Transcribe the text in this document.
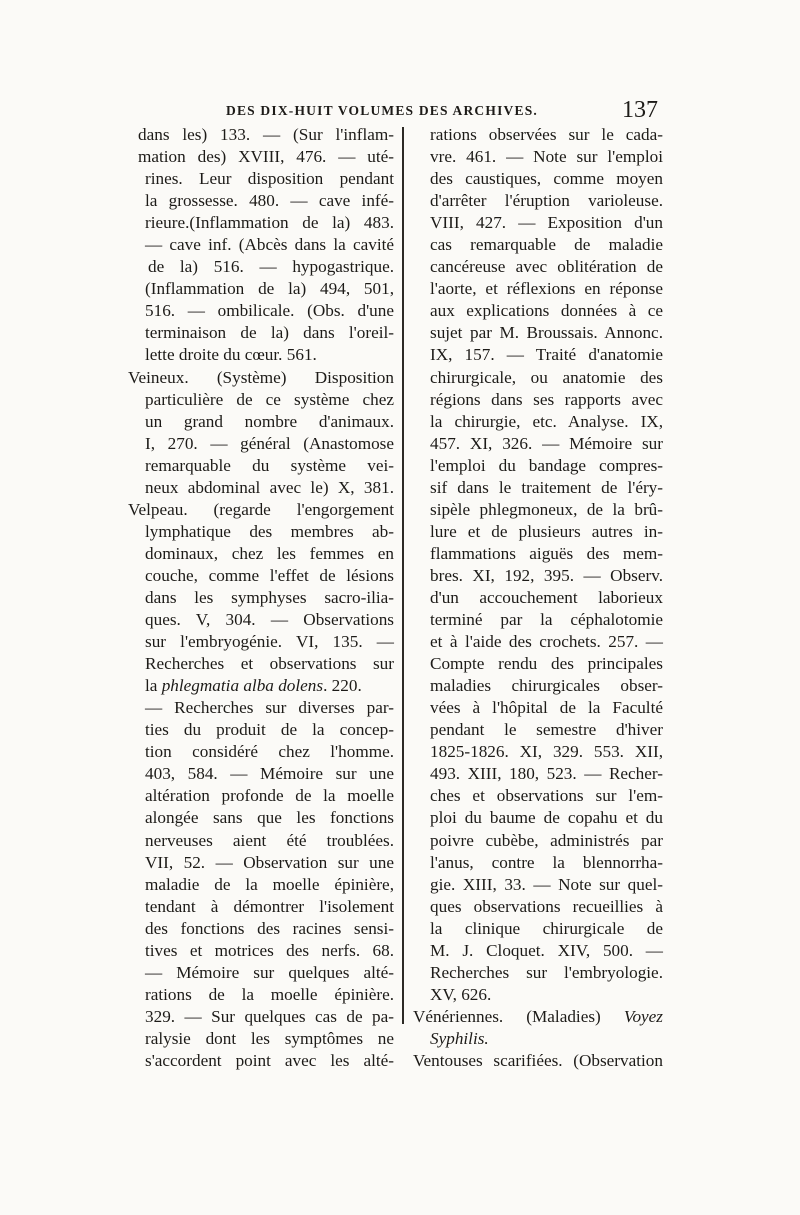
DES DIX-HUIT VOLUMES DES ARCHIVES.	137
dans les) 133. — (Sur l'inflam-
mation des) XVIII, 476. — uté-
rines. Leur disposition pendant
la grossesse. 480. — cave infé-
rieure.(Inflammation de la) 483.
— cave inf. (Abcès dans la cavité
de la) 516. — hypogastrique.
(Inflammation de la) 494, 501,
516. — ombilicale. (Obs. d'une
terminaison de la) dans l'oreil-
lette droite du cœur. 561.
Veineux. (Système) Disposition
particulière de ce système chez
un grand nombre d'animaux.
I, 270. — général (Anastomose
remarquable du système vei-
neux abdominal avec le) X, 381.
Velpeau. (regarde l'engorgement
lymphatique des membres ab-
dominaux, chez les femmes en
couche, comme l'effet de lésions
dans les symphyses sacro-ilia-
ques. V, 304. — Observations
sur l'embryogénie. VI, 135. —
Recherches et observations sur
la phlegmatia alba dolens. 220.
— Recherches sur diverses par-
ties du produit de la concep-
tion considéré chez l'homme.
403, 584. — Mémoire sur une
altération profonde de la moelle
alongée sans que les fonctions
nerveuses aient été troublées.
VII, 52. — Observation sur une
maladie de la moelle épinière,
tendant à démontrer l'isolement
des fonctions des racines sensi-
tives et motrices des nerfs. 68.
— Mémoire sur quelques alté-
rations de la moelle épinière.
329. — Sur quelques cas de pa-
ralysie dont les symptômes ne
s'accordent point avec les alté-
rations observées sur le cada-
vre. 461. — Note sur l'emploi
des caustiques, comme moyen
d'arrêter l'éruption varioleuse.
VIII, 427. — Exposition d'un
cas remarquable de maladie
cancéreuse avec oblitération de
l'aorte, et réflexions en réponse
aux explications données à ce
sujet par M. Broussais. Annonc.
IX, 157. — Traité d'anatomie
chirurgicale, ou anatomie des
régions dans ses rapports avec
la chirurgie, etc. Analyse. IX,
457. XI, 326. — Mémoire sur
l'emploi du bandage compres-
sif dans le traitement de l'éry-
sipèle phlegmoneux, de la brû-
lure et de plusieurs autres in-
flammations aiguës des mem-
bres. XI, 192, 395. — Observ.
d'un accouchement laborieux
terminé par la céphalotomie
et à l'aide des crochets. 257. —
Compte rendu des principales
maladies chirurgicales obser-
vées à l'hôpital de la Faculté
pendant le semestre d'hiver
1825-1826. XI, 329. 553. XII,
493. XIII, 180, 523. — Recher-
ches et observations sur l'em-
ploi du baume de copahu et du
poivre cubèbe, administrés par
l'anus, contre la blennorrha-
gie. XIII, 33. — Note sur quel-
ques observations recueillies à
la clinique chirurgicale de
M. J. Cloquet. XIV, 500. —
Recherches sur l'embryologie.
XV, 626.
Vénériennes. (Maladies) Voyez
Syphilis.
Ventouses scarifiées. (Observation
